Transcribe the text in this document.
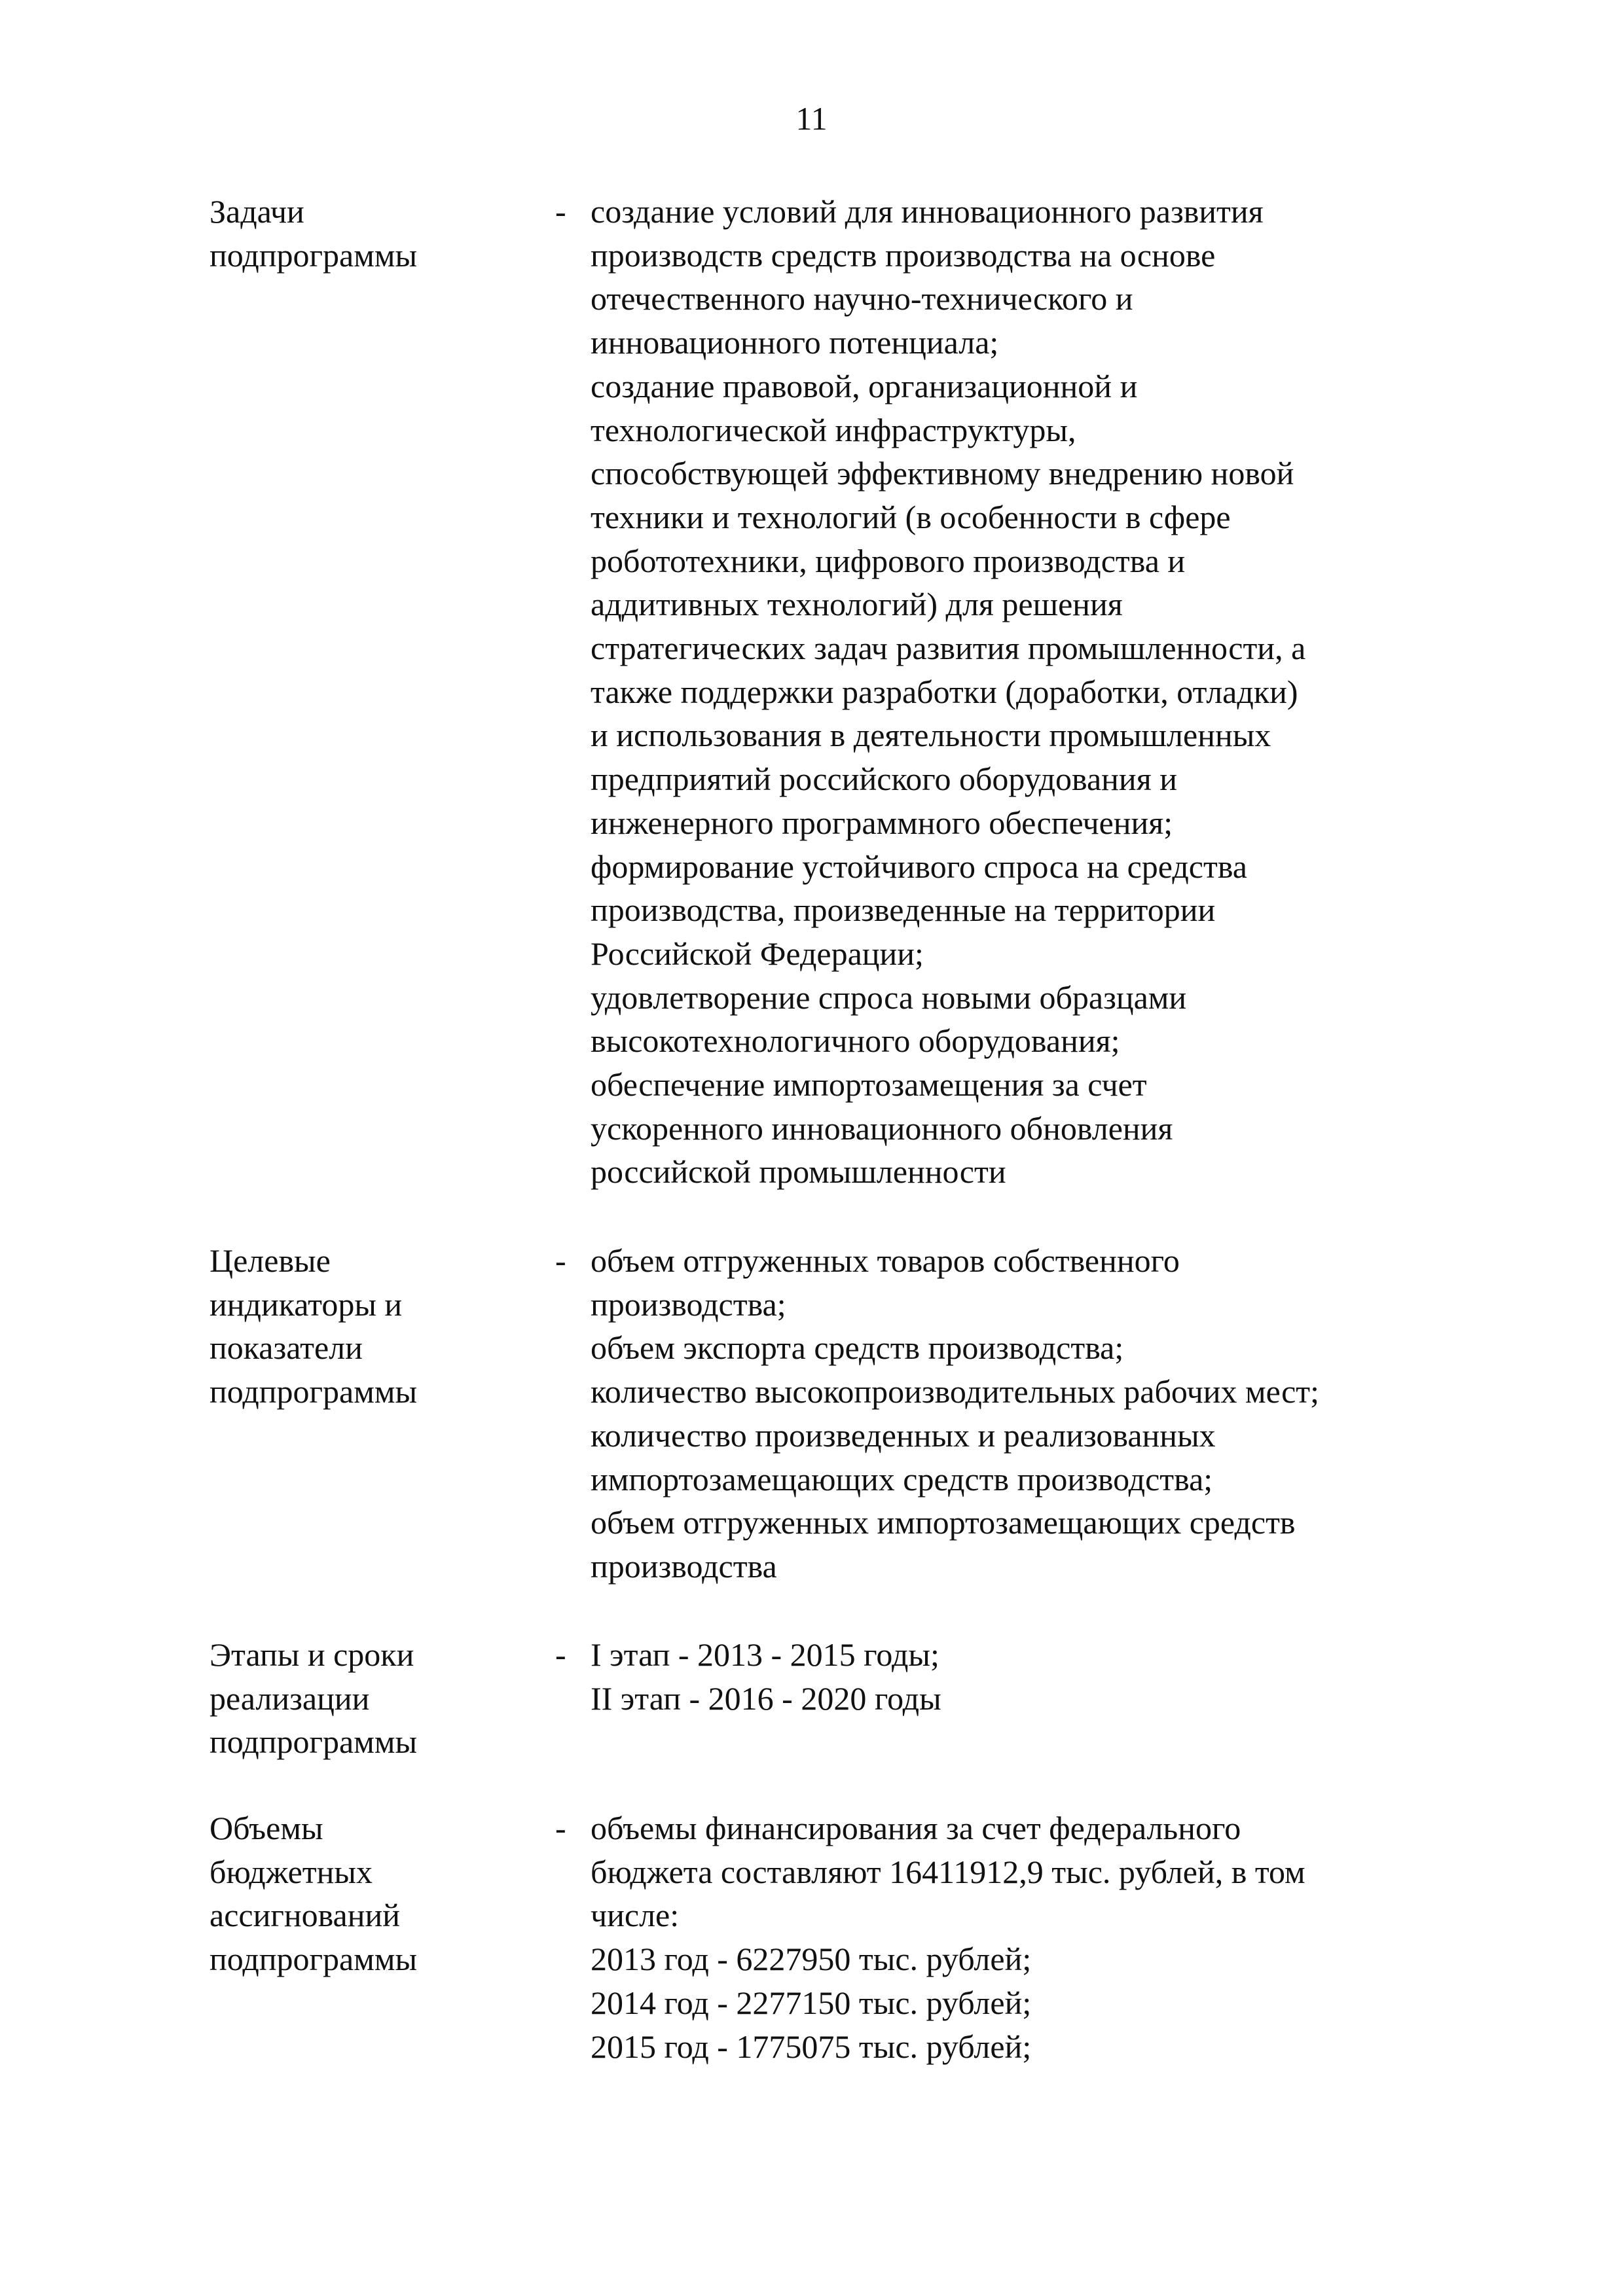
11
Задачи
подпрограммы
- создание условий для инновационного развития
производств средств производства на основе
отечественного научно-технического и
инновационного потенциала;
создание правовой, организационной и
технологической инфраструктуры,
способствующей эффективному внедрению новой
техники и технологий (в особенности в сфере
робототехники, цифрового производства и
аддитивных технологий) для решения
стратегических задач развития промышленности, а
также поддержки разработки (доработки, отладки)
и использования в деятельности промышленных
предприятий российского оборудования и
инженерного программного обеспечения;
формирование устойчивого спроса на средства
производства, произведенные на территории
Российской Федерации;
удовлетворение спроса новыми образцами
высокотехнологичного оборудования;
обеспечение импортозамещения за счет
ускоренного инновационного обновления
российской промышленности
Целевые
индикаторы и
показатели
подпрограммы
- объем отгруженных товаров собственного
производства;
объем экспорта средств производства;
количество высокопроизводительных рабочих мест;
количество произведенных и реализованных
импортозамещающих средств производства;
объем отгруженных импортозамещающих средств
производства
Этапы и сроки
реализации
подпрограммы
- I этап - 2013 - 2015 годы;
II этап - 2016 - 2020 годы
Объемы
бюджетных
ассигнований
подпрограммы
- объемы финансирования за счет федерального
бюджета составляют 16411912,9 тыс. рублей, в том
числе:
2013 год - 6227950 тыс. рублей;
2014 год - 2277150 тыс. рублей;
2015 год - 1775075 тыс. рублей;
